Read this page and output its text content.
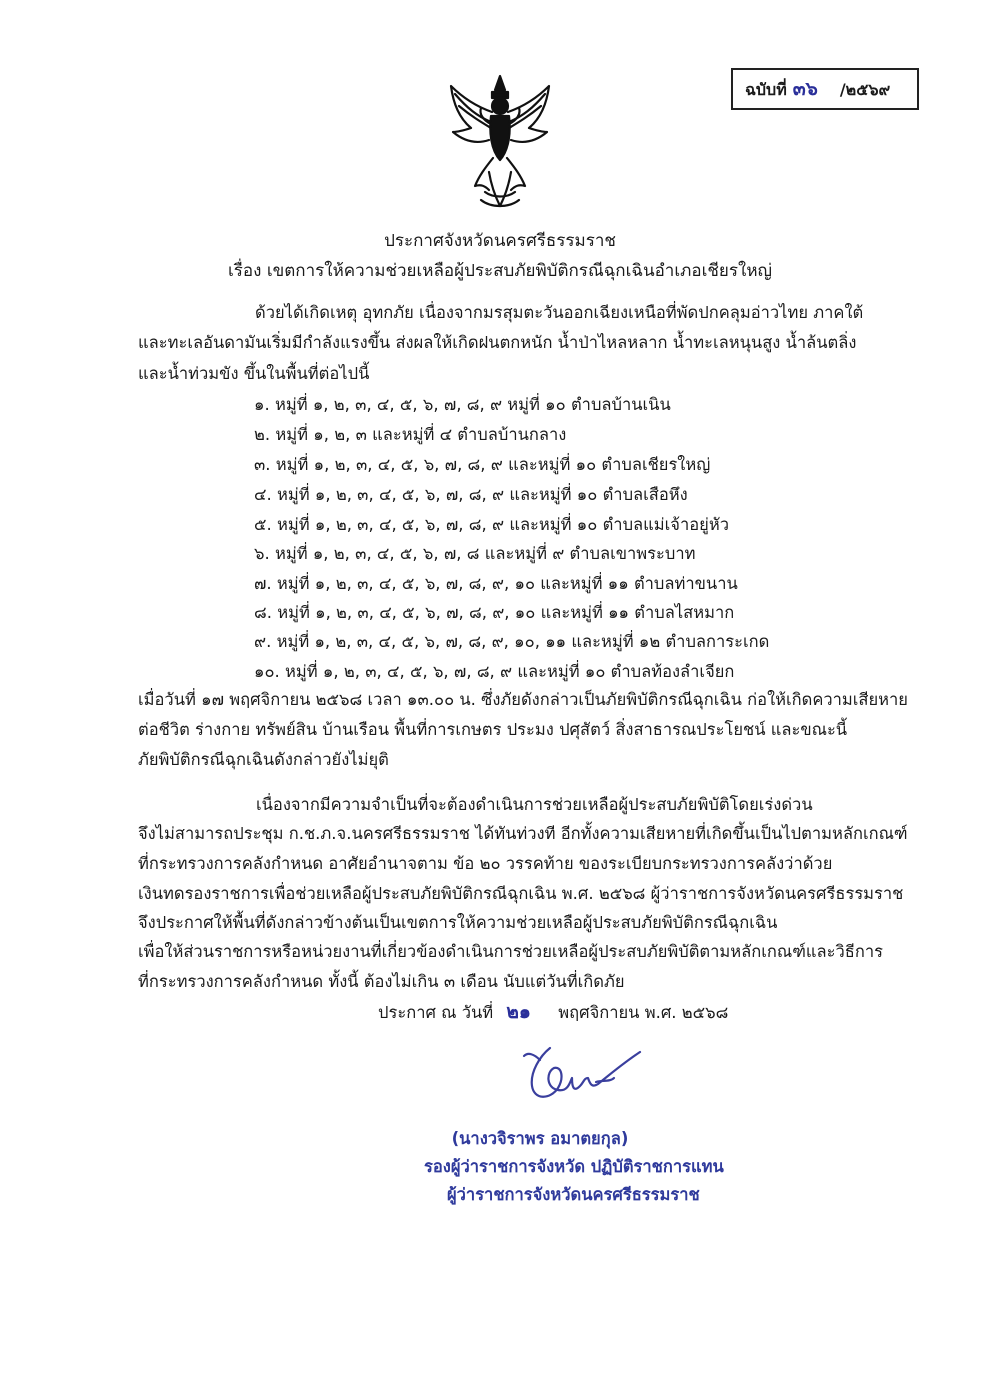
ฉบับที่ ๓๖ /๒๕๖๙
ประกาศจังหวัดนครศรีธรรมราช
เรื่อง เขตการให้ความช่วยเหลือผู้ประสบภัยพิบัติกรณีฉุกเฉินอำเภอเชียรใหญ่
ด้วยได้เกิดเหตุ อุทกภัย เนื่องจากมรสุมตะวันออกเฉียงเหนือที่พัดปกคลุมอ่าวไทย ภาคใต้
และทะเลอันดามันเริ่มมีกำลังแรงขึ้น ส่งผลให้เกิดฝนตกหนัก น้ำป่าไหลหลาก น้ำทะเลหนุนสูง น้ำล้นตลิ่ง
และน้ำท่วมขัง ขึ้นในพื้นที่ต่อไปนี้
๑. หมู่ที่ ๑, ๒, ๓, ๔, ๕, ๖, ๗, ๘, ๙ หมู่ที่ ๑๐ ตำบลบ้านเนิน
๒. หมู่ที่ ๑, ๒, ๓ และหมู่ที่ ๔ ตำบลบ้านกลาง
๓. หมู่ที่ ๑, ๒, ๓, ๔, ๕, ๖, ๗, ๘, ๙ และหมู่ที่ ๑๐ ตำบลเชียรใหญ่
๔. หมู่ที่ ๑, ๒, ๓, ๔, ๕, ๖, ๗, ๘, ๙ และหมู่ที่ ๑๐ ตำบลเสือหึง
๕. หมู่ที่ ๑, ๒, ๓, ๔, ๕, ๖, ๗, ๘, ๙ และหมู่ที่ ๑๐ ตำบลแม่เจ้าอยู่หัว
๖. หมู่ที่ ๑, ๒, ๓, ๔, ๕, ๖, ๗, ๘ และหมู่ที่ ๙ ตำบลเขาพระบาท
๗. หมู่ที่ ๑, ๒, ๓, ๔, ๕, ๖, ๗, ๘, ๙, ๑๐ และหมู่ที่ ๑๑ ตำบลท่าขนาน
๘. หมู่ที่ ๑, ๒, ๓, ๔, ๕, ๖, ๗, ๘, ๙, ๑๐ และหมู่ที่ ๑๑ ตำบลไสหมาก
๙. หมู่ที่ ๑, ๒, ๓, ๔, ๕, ๖, ๗, ๘, ๙, ๑๐, ๑๑ และหมู่ที่ ๑๒ ตำบลการะเกด
๑๐. หมู่ที่ ๑, ๒, ๓, ๔, ๕, ๖, ๗, ๘, ๙ และหมู่ที่ ๑๐ ตำบลท้องลำเจียก
เมื่อวันที่ ๑๗ พฤศจิกายน ๒๕๖๘ เวลา ๑๓.๐๐ น. ซึ่งภัยดังกล่าวเป็นภัยพิบัติกรณีฉุกเฉิน ก่อให้เกิดความเสียหาย
ต่อชีวิต ร่างกาย ทรัพย์สิน บ้านเรือน พื้นที่การเกษตร ประมง ปศุสัตว์ สิ่งสาธารณประโยชน์ และขณะนี้
ภัยพิบัติกรณีฉุกเฉินดังกล่าวยังไม่ยุติ
เนื่องจากมีความจำเป็นที่จะต้องดำเนินการช่วยเหลือผู้ประสบภัยพิบัติโดยเร่งด่วน
จึงไม่สามารถประชุม ก.ช.ภ.จ.นครศรีธรรมราช ได้ทันท่วงที อีกทั้งความเสียหายที่เกิดขึ้นเป็นไปตามหลักเกณฑ์
ที่กระทรวงการคลังกำหนด อาศัยอำนาจตาม ข้อ ๒๐ วรรคท้าย ของระเบียบกระทรวงการคลังว่าด้วย
เงินทดรองราชการเพื่อช่วยเหลือผู้ประสบภัยพิบัติกรณีฉุกเฉิน พ.ศ. ๒๕๖๘ ผู้ว่าราชการจังหวัดนครศรีธรรมราช
จึงประกาศให้พื้นที่ดังกล่าวข้างต้นเป็นเขตการให้ความช่วยเหลือผู้ประสบภัยพิบัติกรณีฉุกเฉิน
เพื่อให้ส่วนราชการหรือหน่วยงานที่เกี่ยวข้องดำเนินการช่วยเหลือผู้ประสบภัยพิบัติตามหลักเกณฑ์และวิธีการ
ที่กระทรวงการคลังกำหนด ทั้งนี้ ต้องไม่เกิน ๓ เดือน นับแต่วันที่เกิดภัย
ประกาศ ณ วันที่ ๒๑ พฤศจิกายน พ.ศ. ๒๕๖๘
(นางวจิราพร อมาตยกุล)
รองผู้ว่าราชการจังหวัด ปฏิบัติราชการแทน
ผู้ว่าราชการจังหวัดนครศรีธรรมราช
